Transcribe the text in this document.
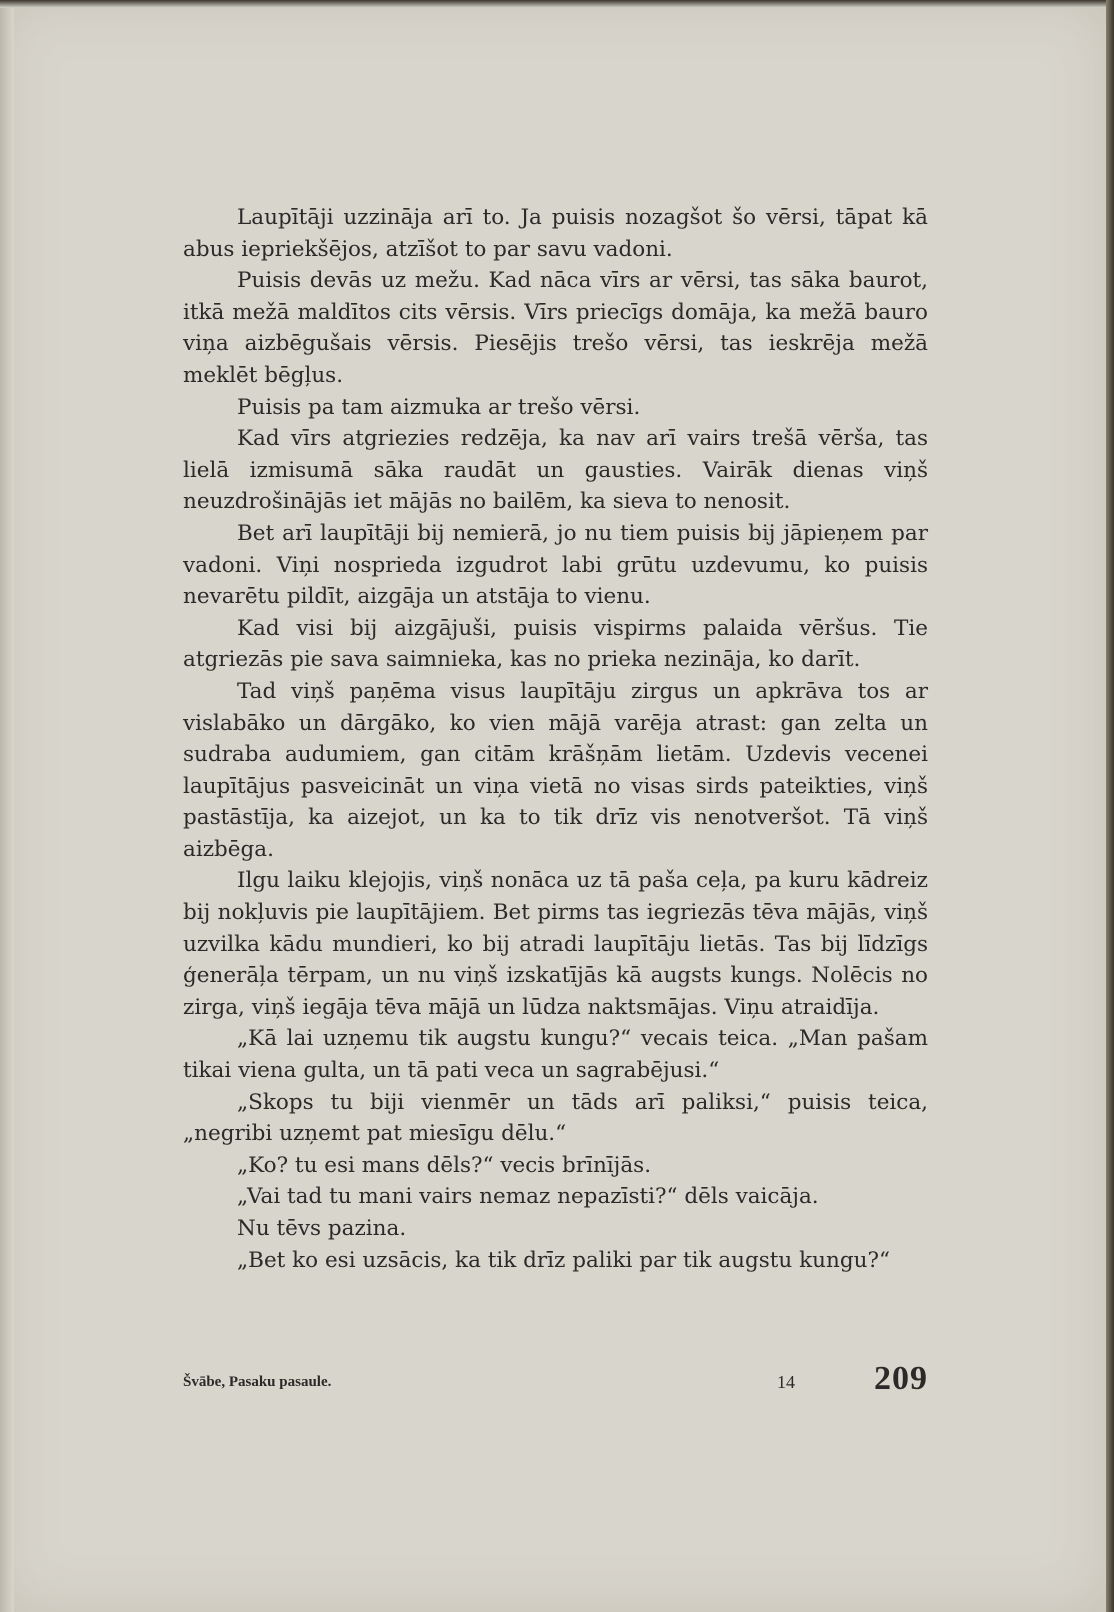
Laupītāji uzzināja arī to. Ja puisis nozagšot šo vērsi, tāpat kā abus iepriekšējos, atzīšot to par savu vadoni.

Puisis devās uz mežu. Kad nāca vīrs ar vērsi, tas sāka baurot, itkā mežā maldītos cits vērsis. Vīrs priecīgs domāja, ka mežā bauro viņa aizbēgušais vērsis. Piesējis trešo vērsi, tas ieskrēja mežā meklēt bēgļus.

Puisis pa tam aizmuka ar trešo vērsi.

Kad vīrs atgriezies redzēja, ka nav arī vairs trešā vērša, tas lielā izmisumā sāka raudāt un gausties. Vairāk dienas viņš neuzdrošinājās iet mājās no bailēm, ka sieva to nenosit.

Bet arī laupītāji bij nemierā, jo nu tiem puisis bij jāpieņem par vadoni. Viņi nosprieda izgudrot labi grūtu uzdevumu, ko puisis nevarētu pildīt, aizgāja un atstāja to vienu.

Kad visi bij aizgājuši, puisis vispirms palaida vēršus. Tie atgriezās pie sava saimnieka, kas no prieka nezināja, ko darīt.

Tad viņš paņēma visus laupītāju zirgus un apkrāva tos ar vislabāko un dārgāko, ko vien mājā varēja atrast: gan zelta un sudraba audumiem, gan citām krāšņām lietām. Uzdevis vecenei laupītājus pasveicināt un viņa vietā no visas sirds pateikties, viņš pastāstīja, ka aizejot, un ka to tik drīz vis nenotveršot. Tā viņš aizbēga.

Ilgu laiku klejojis, viņš nonāca uz tā paša ceļa, pa kuru kādreiz bij nokļuvis pie laupītājiem. Bet pirms tas iegriezās tēva mājās, viņš uzvilka kādu mundieri, ko bij atradi laupītāju lietās. Tas bij līdzīgs ģenerāļa tērpam, un nu viņš izskatījās kā augsts kungs. Nolēcis no zirga, viņš iegāja tēva mājā un lūdza naktsmājas. Viņu atraidīja.

„Kā lai uzņemu tik augstu kungu?“ vecais teica. „Man pašam tikai viena gulta, un tā pati veca un sagrabējusi.“

„Skops tu biji vienmēr un tāds arī paliksi,“ puisis teica, „negribi uzņemt pat miesīgu dēlu.“

„Ko? tu esi mans dēls?“ vecis brīnījās.

„Vai tad tu mani vairs nemaz nepazīsti?“ dēls vaicāja.

Nu tēvs pazina.

„Bet ko esi uzsācis, ka tik drīz paliki par tik augstu kungu?“

Švābe, Pasaku pasaule.	14 209
